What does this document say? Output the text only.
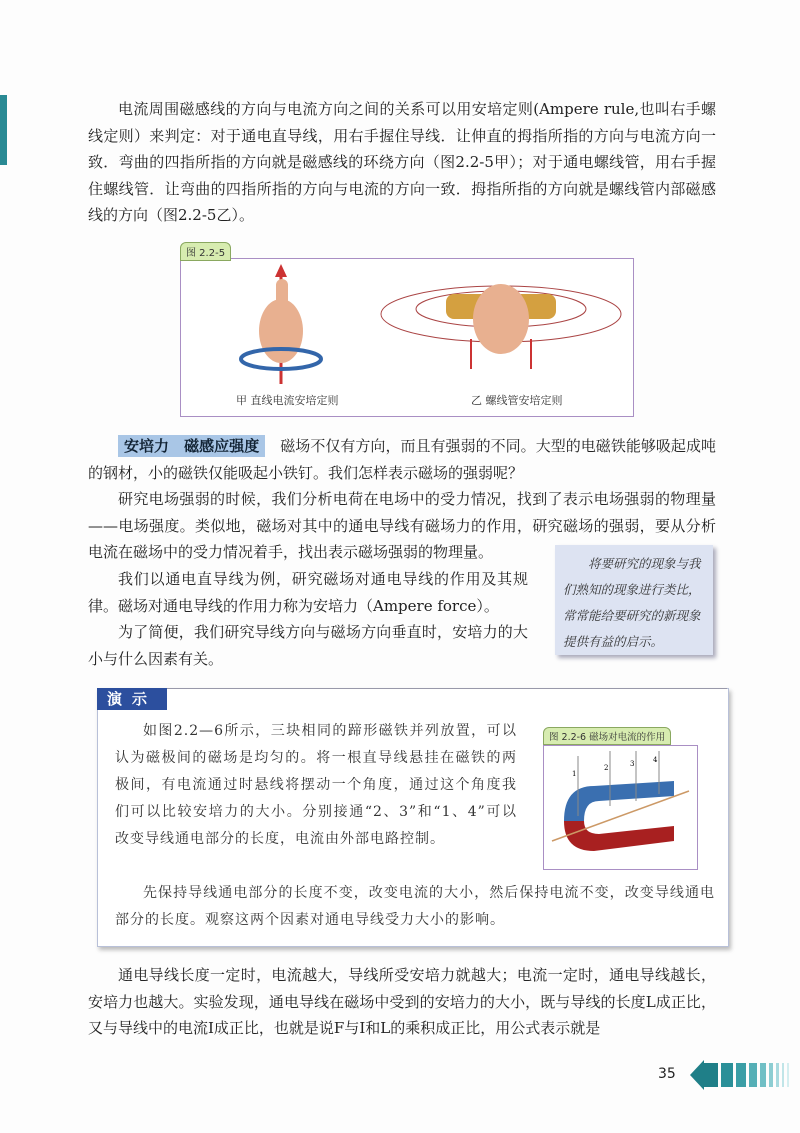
电流周围磁感线的方向与电流方向之间的关系可以用安培定则(Ampere rule,也叫右手螺线定则）来判定：对于通电直导线，用右手握住导线．让伸直的拇指所指的方向与电流方向一致．弯曲的四指所指的方向就是磁感线的环绕方向（图2.2-5甲）；对于通电螺线管，用右手握住螺线管．让弯曲的四指所指的方向与电流的方向一致．拇指所指的方向就是螺线管内部磁感线的方向（图2.2-5乙）。

图 2.2-5
甲 直线电流安培定则	乙 螺线管安培定则

安培力　磁感应强度　 磁场不仅有方向，而且有强弱的不同。大型的电磁铁能够吸起成吨的钢材，小的磁铁仅能吸起小铁钉。我们怎样表示磁场的强弱呢？

研究电场强弱的时候，我们分析电荷在电场中的受力情况，找到了表示电场强弱的物理量——电场强度。类似地，磁场对其中的通电导线有磁场力的作用，研究磁场的强弱，要从分析电流在磁场中的受力情况着手，找出表示磁场强弱的物理量。

我们以通电直导线为例，研究磁场对通电导线的作用及其规律。磁场对通电导线的作用力称为安培力（Ampere force）。

为了简便，我们研究导线方向与磁场方向垂直时，安培力的大小与什么因素有关。

将要研究的现象与我们熟知的现象进行类比，常常能给要研究的新现象提供有益的启示。
演示
如图2.2—6所示，三块相同的蹄形磁铁并列放置，可以认为磁极间的磁场是均匀的。将一根直导线悬挂在磁铁的两极间，有电流通过时悬线将摆动一个角度，通过这个角度我们可以比较安培力的大小。分别接通“2、3”和“1、4”可以改变导线通电部分的长度，电流由外部电路控制。
先保持导线通电部分的长度不变，改变电流的大小，然后保持电流不变，改变导线通电部分的长度。观察这两个因素对通电导线受力大小的影响。
图 2.2-6 磁场对电流的作用
1
2	3	4

通电导线长度一定时，电流越大，导线所受安培力就越大；电流一定时，通电导线越长，安培力也越大。实验发现，通电导线在磁场中受到的安培力的大小，既与导线的长度L成正比，又与导线中的电流I成正比，也就是说F与I和L的乘积成正比，用公式表示就是

35
